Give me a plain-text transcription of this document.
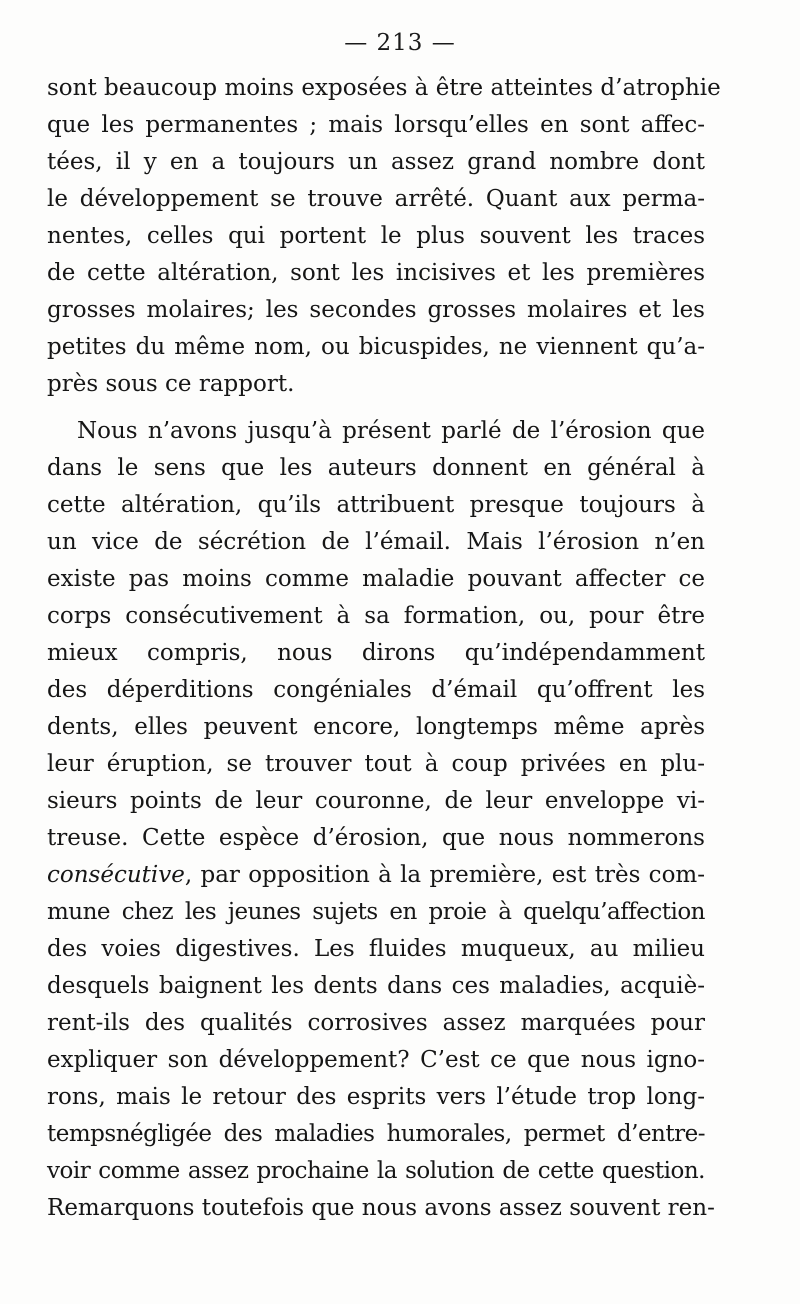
— 213 —
sont beaucoup moins exposées à être atteintes d’atrophie
que les permanentes ; mais lorsqu’elles en sont affec-
tées, il y en a toujours un assez grand nombre dont
le développement se trouve arrêté. Quant aux perma-
nentes, celles qui portent le plus souvent les traces
de cette altération, sont les incisives et les premières
grosses molaires; les secondes grosses molaires et les
petites du même nom, ou bicuspides, ne viennent qu’a-
près sous ce rapport.
Nous n’avons jusqu’à présent parlé de l’érosion que
dans le sens que les auteurs donnent en général à
cette altération, qu’ils attribuent presque toujours à
un vice de sécrétion de l’émail. Mais l’érosion n’en
existe pas moins comme maladie pouvant affecter ce
corps consécutivement à sa formation, ou, pour être
mieux compris, nous dirons qu’indépendamment
des déperditions congéniales d’émail qu’offrent les
dents, elles peuvent encore, longtemps même après
leur éruption, se trouver tout à coup privées en plu-
sieurs points de leur couronne, de leur enveloppe vi-
treuse. Cette espèce d’érosion, que nous nommerons
consécutive, par opposition à la première, est très com-
mune chez les jeunes sujets en proie à quelqu’affection
des voies digestives. Les fluides muqueux, au milieu
desquels baignent les dents dans ces maladies, acquiè-
rent-ils des qualités corrosives assez marquées pour
expliquer son développement? C’est ce que nous igno-
rons, mais le retour des esprits vers l’étude trop long-
tempsnégligée des maladies humorales, permet d’entre-
voir comme assez prochaine la solution de cette question.
Remarquons toutefois que nous avons assez souvent ren-
